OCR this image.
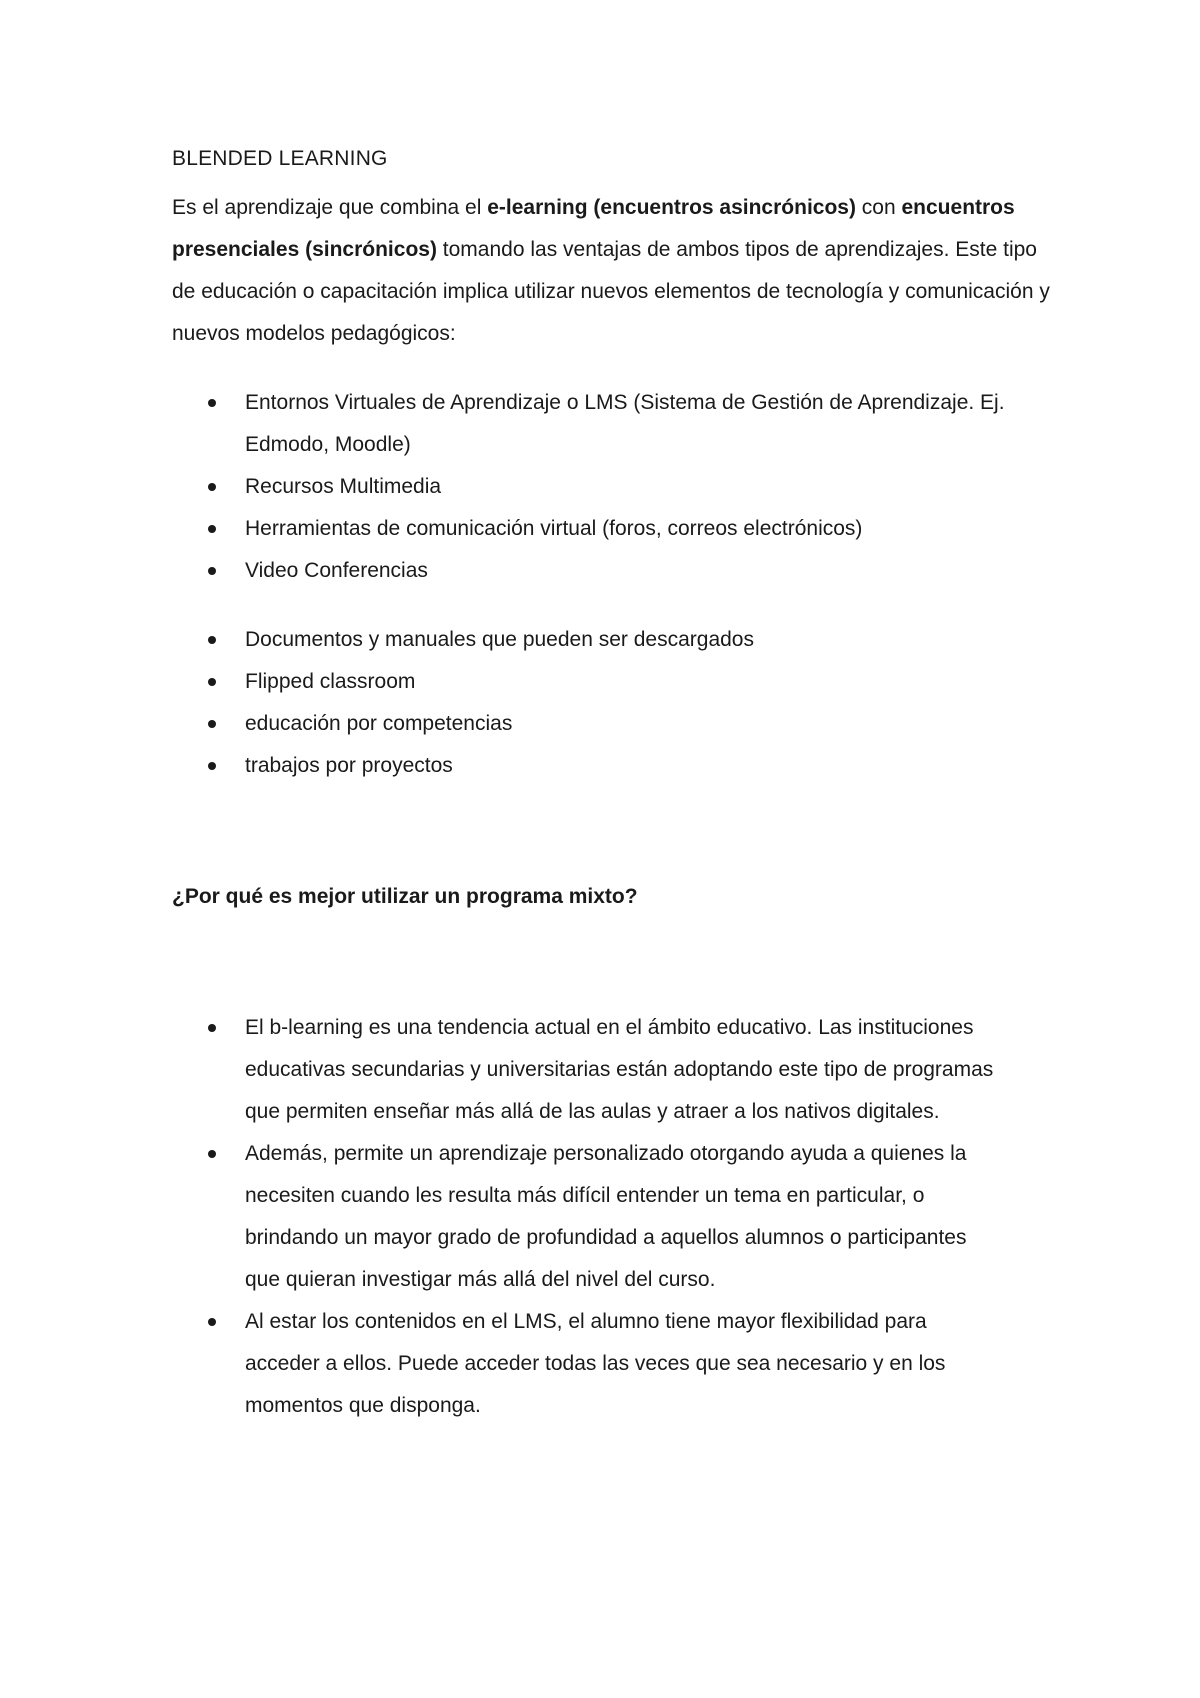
BLENDED LEARNING

Es el aprendizaje que combina el e-learning (encuentros asincrónicos) con encuentros presenciales (sincrónicos) tomando las ventajas de ambos tipos de aprendizajes. Este tipo de educación o capacitación implica utilizar nuevos elementos de tecnología y comunicación y nuevos modelos pedagógicos:

Entornos Virtuales de Aprendizaje o LMS (Sistema de Gestión de Aprendizaje. Ej. Edmodo, Moodle)
Recursos Multimedia
Herramientas de comunicación virtual (foros, correos electrónicos)
Video Conferencias
Documentos y manuales que pueden ser descargados
Flipped classroom
educación por competencias
trabajos por proyectos

¿Por qué es mejor utilizar un programa mixto?

El b-learning es una tendencia actual en el ámbito educativo. Las instituciones educativas secundarias y universitarias están adoptando este tipo de programas que permiten enseñar más allá de las aulas y atraer a los nativos digitales.
Además, permite un aprendizaje personalizado otorgando ayuda a quienes la necesiten cuando les resulta más difícil entender un tema en particular, o brindando un mayor grado de profundidad a aquellos alumnos o participantes que quieran investigar más allá del nivel del curso.
Al estar los contenidos en el LMS, el alumno tiene mayor flexibilidad para acceder a ellos. Puede acceder todas las veces que sea necesario y en los momentos que disponga.
